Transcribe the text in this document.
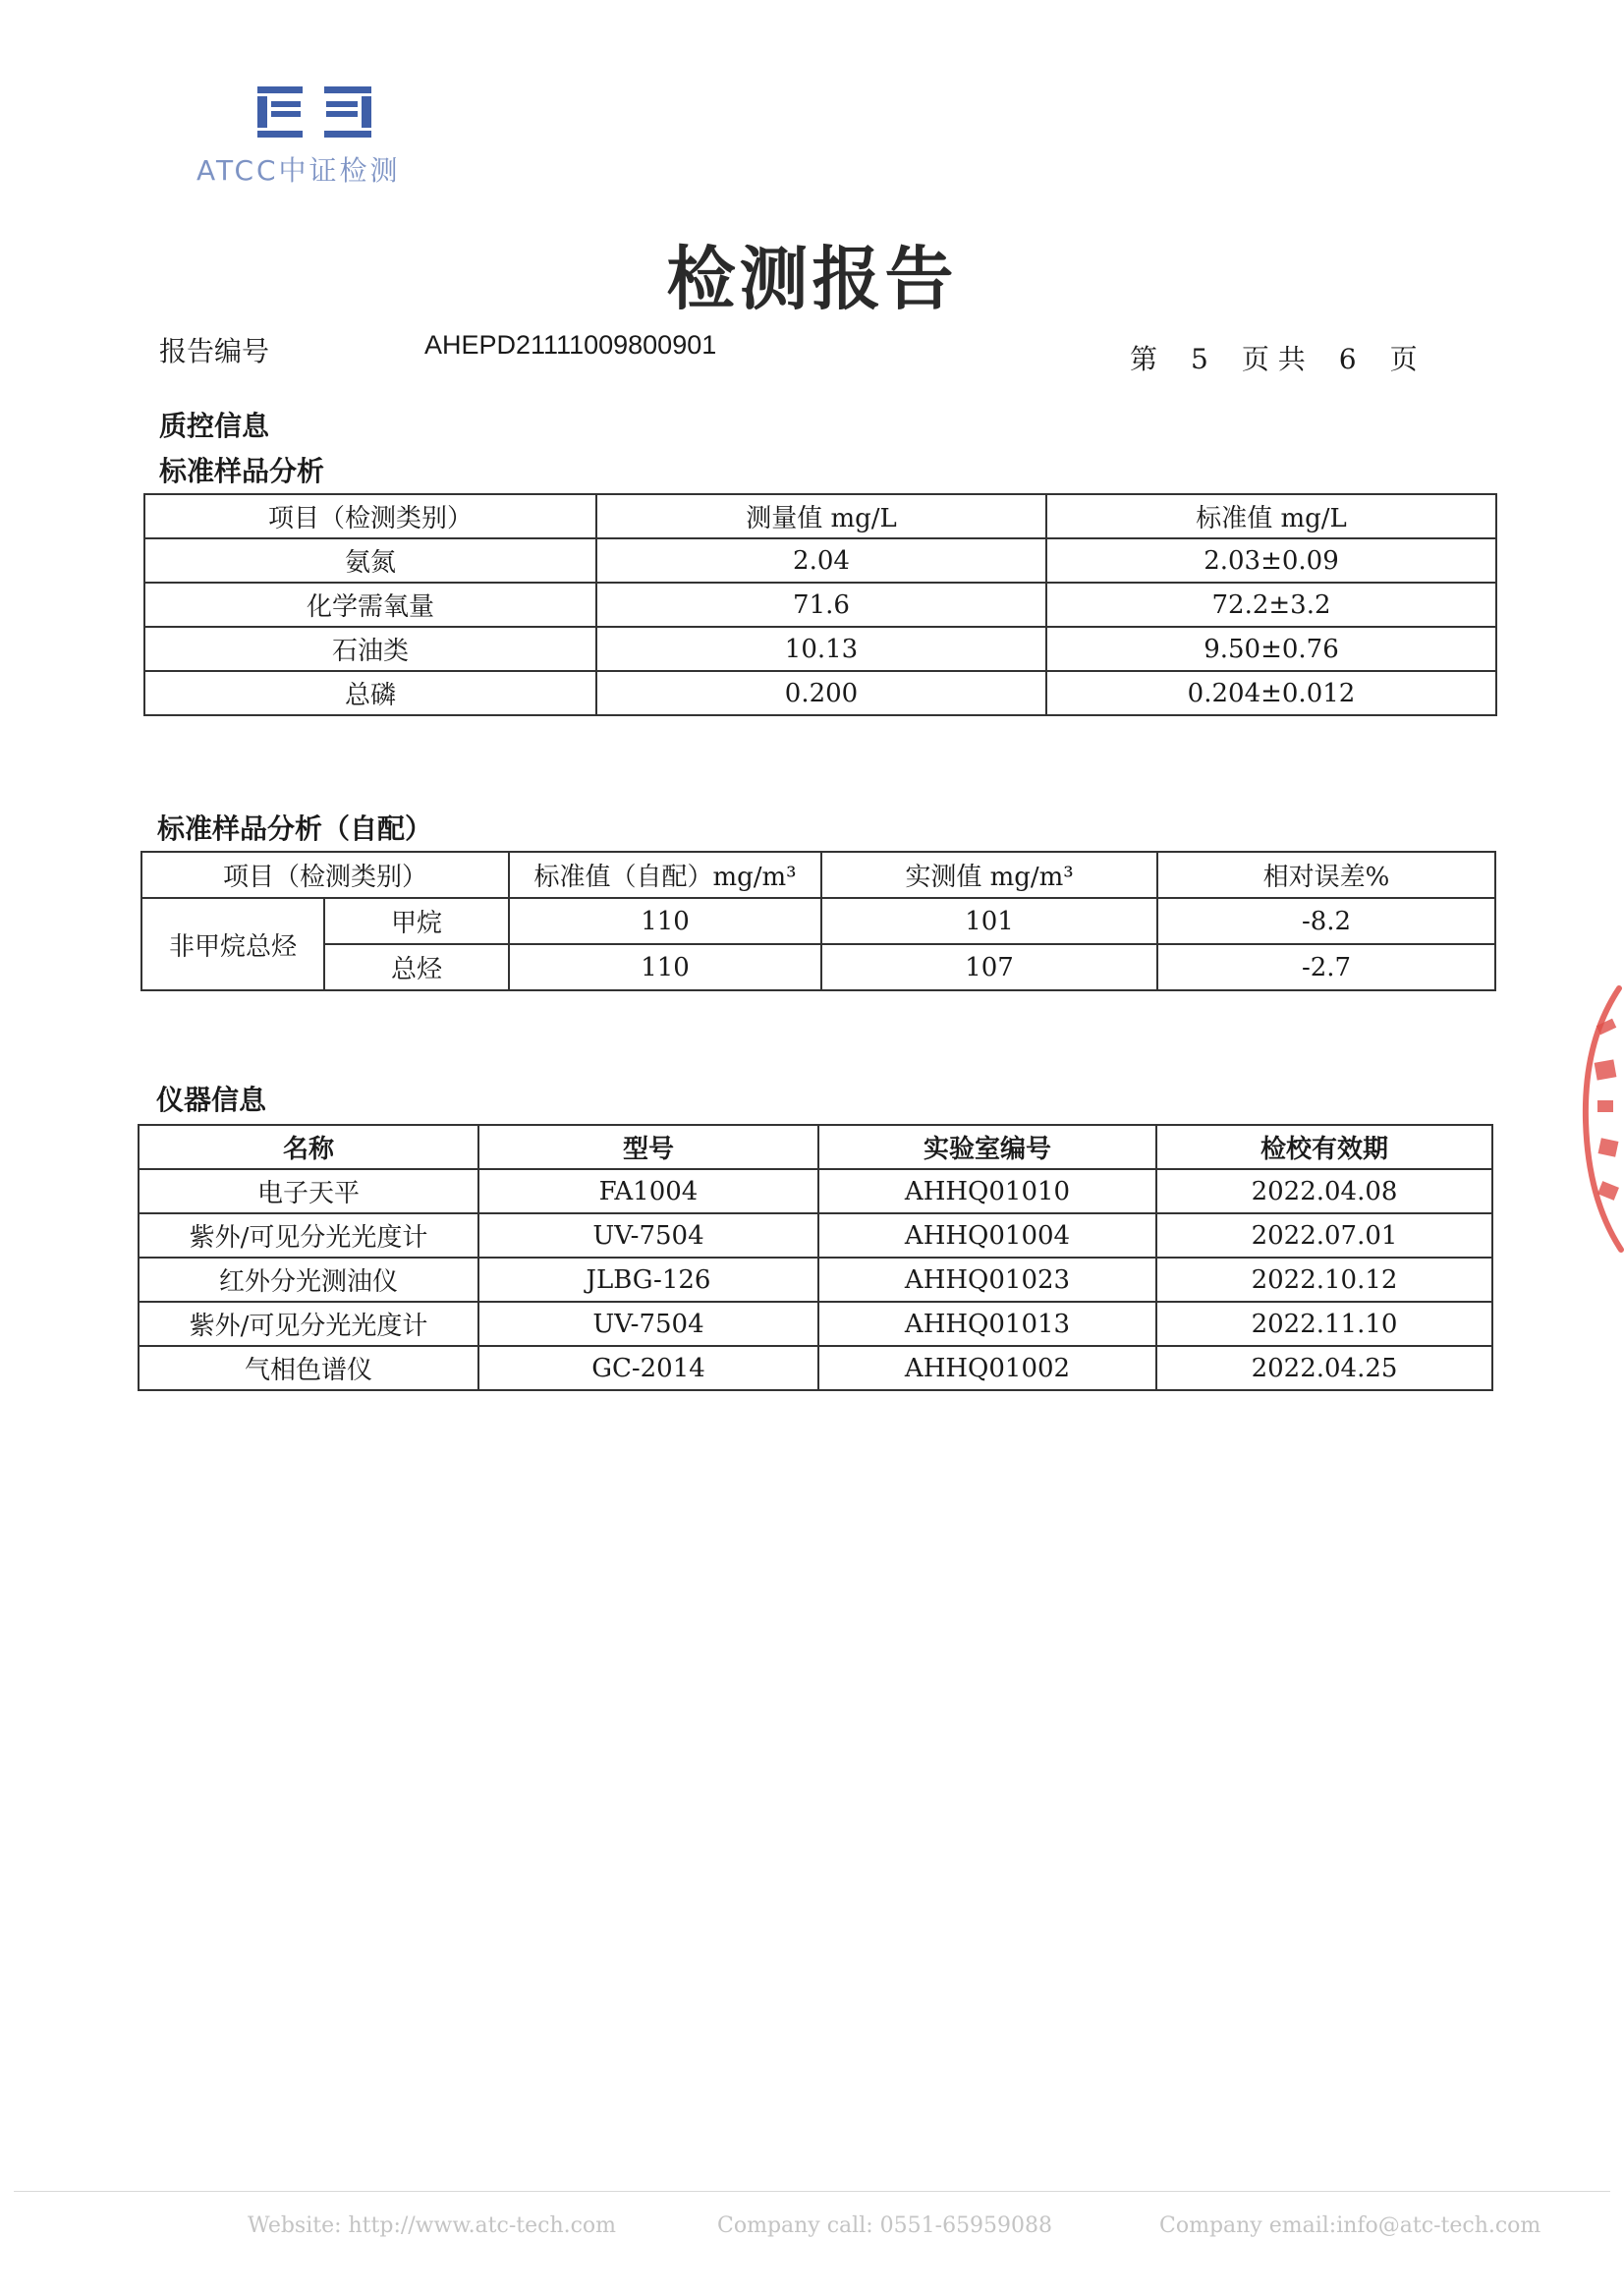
ATCC中证检测
检测报告
报告编号	AHEPD21111009800901	第 5 页 共 6 页
质控信息
标准样品分析
项目（检测类别）	测量值 mg/L	标准值 mg/L
氨氮	2.04	2.03±0.09
化学需氧量	71.6	72.2±3.2
石油类	10.13	9.50±0.76
总磷	0.200	0.204±0.012
标准样品分析（自配）
项目（检测类别）		标准值（自配）mg/m³	实测值 mg/m³	相对误差%
非甲烷总烃	甲烷	110	101	-8.2
	总烃	110	107	-2.7
仪器信息
名称	型号	实验室编号	检校有效期
电子天平	FA1004	AHHQ01010	2022.04.08
紫外/可见分光光度计	UV-7504	AHHQ01004	2022.07.01
红外分光测油仪	JLBG-126	AHHQ01023	2022.10.12
紫外/可见分光光度计	UV-7504	AHHQ01013	2022.11.10
气相色谱仪	GC-2014	AHHQ01002	2022.04.25
Website: http://www.atc-tech.com	Company call: 0551-65959088	Company email:info@atc-tech.com
